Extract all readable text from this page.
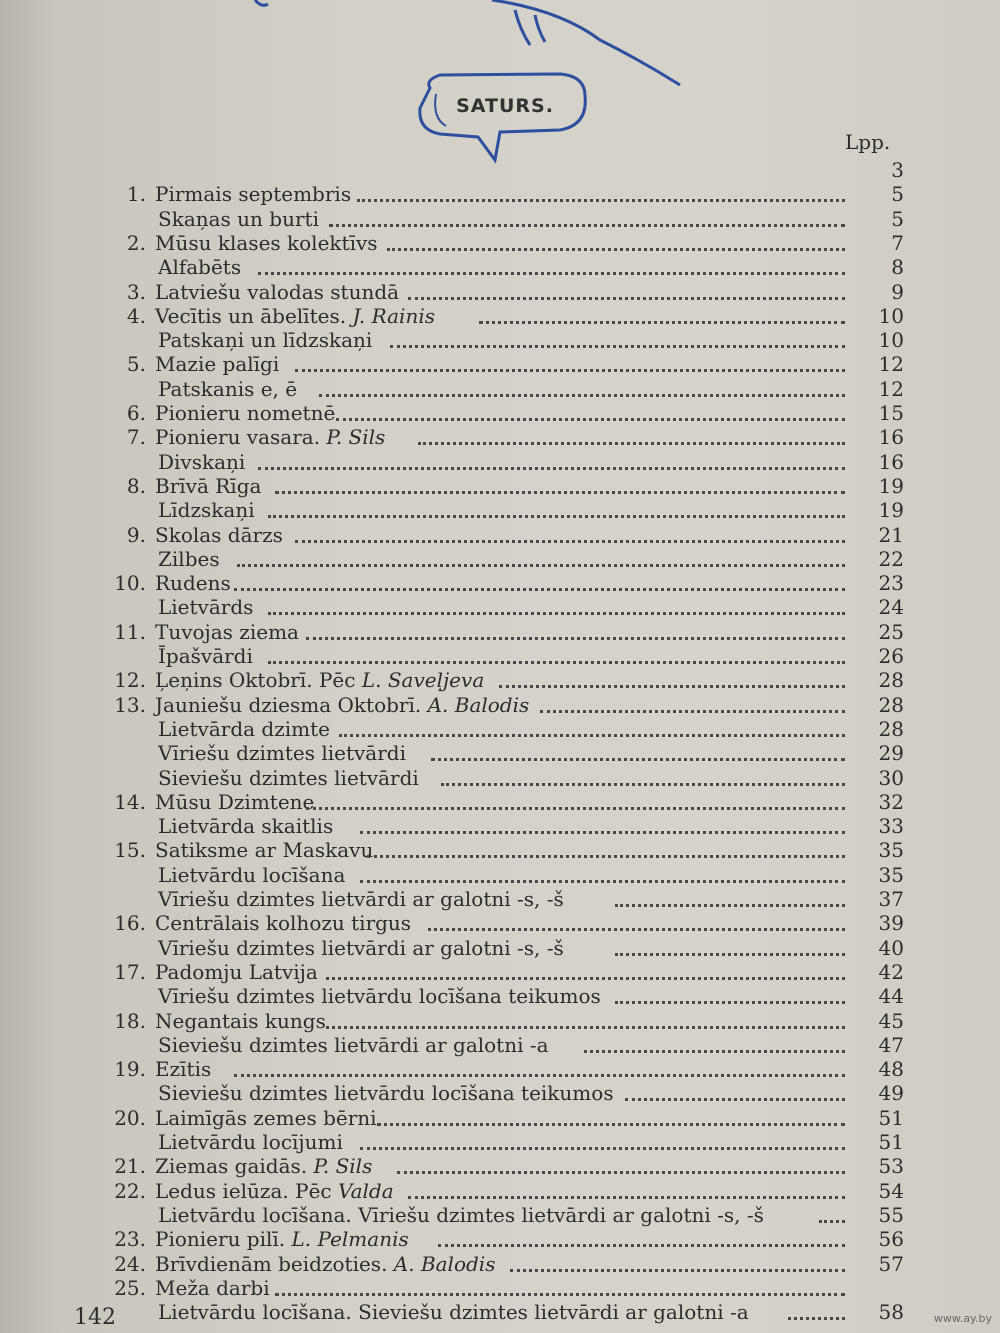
SATURS.
Lpp.
3
1. Pirmais septembris	5
Skaņas un burti	5
2. Mūsu klases kolektīvs	7
Alfabēts	8
3. Latviešu valodas stundā	9
4. Vecītis un ābelītes. J. Rainis	10
Patskaņi un līdzskaņi	10
5. Mazie palīgi	12
Patskanis e, ē	12
6. Pionieru nometnē	15
7. Pionieru vasara. P. Sils	16
Divskaņi	16
8. Brīvā Rīga	19
Līdzskaņi	19
9. Skolas dārzs	21
Zilbes	22
10. Rudens	23
Lietvārds	24
11. Tuvojas ziema	25
Īpašvārdi	26
12. Ļeņins Oktobrī. Pēc L. Saveļjeva	28
13. Jauniešu dziesma Oktobrī. A. Balodis	28
Lietvārda dzimte	28
Vīriešu dzimtes lietvārdi	29
Sieviešu dzimtes lietvārdi	30
14. Mūsu Dzimtene	32
Lietvārda skaitlis	33
15. Satiksme ar Maskavu	35
Lietvārdu locīšana	35
Vīriešu dzimtes lietvārdi ar galotni -s, -š	37
16. Centrālais kolhozu tirgus	39
Vīriešu dzimtes lietvārdi ar galotni -s, -š	40
17. Padomju Latvija	42
Vīriešu dzimtes lietvārdu locīšana teikumos	44
18. Negantais kungs	45
Sieviešu dzimtes lietvārdi ar galotni -a	47
19. Ezītis	48
Sieviešu dzimtes lietvārdu locīšana teikumos	49
20. Laimīgās zemes bērni	51
Lietvārdu locījumi	51
21. Ziemas gaidās. P. Sils	53
22. Ledus ielūza. Pēc Valda	54
Lietvārdu locīšana. Vīriešu dzimtes lietvārdi ar galotni -s, -š	55
23. Pionieru pilī. L. Pelmanis	56
24. Brīvdienām beidzoties. A. Balodis	57
25. Meža darbi
Lietvārdu locīšana. Sieviešu dzimtes lietvārdi ar galotni -a	58
142	www.ay.by
